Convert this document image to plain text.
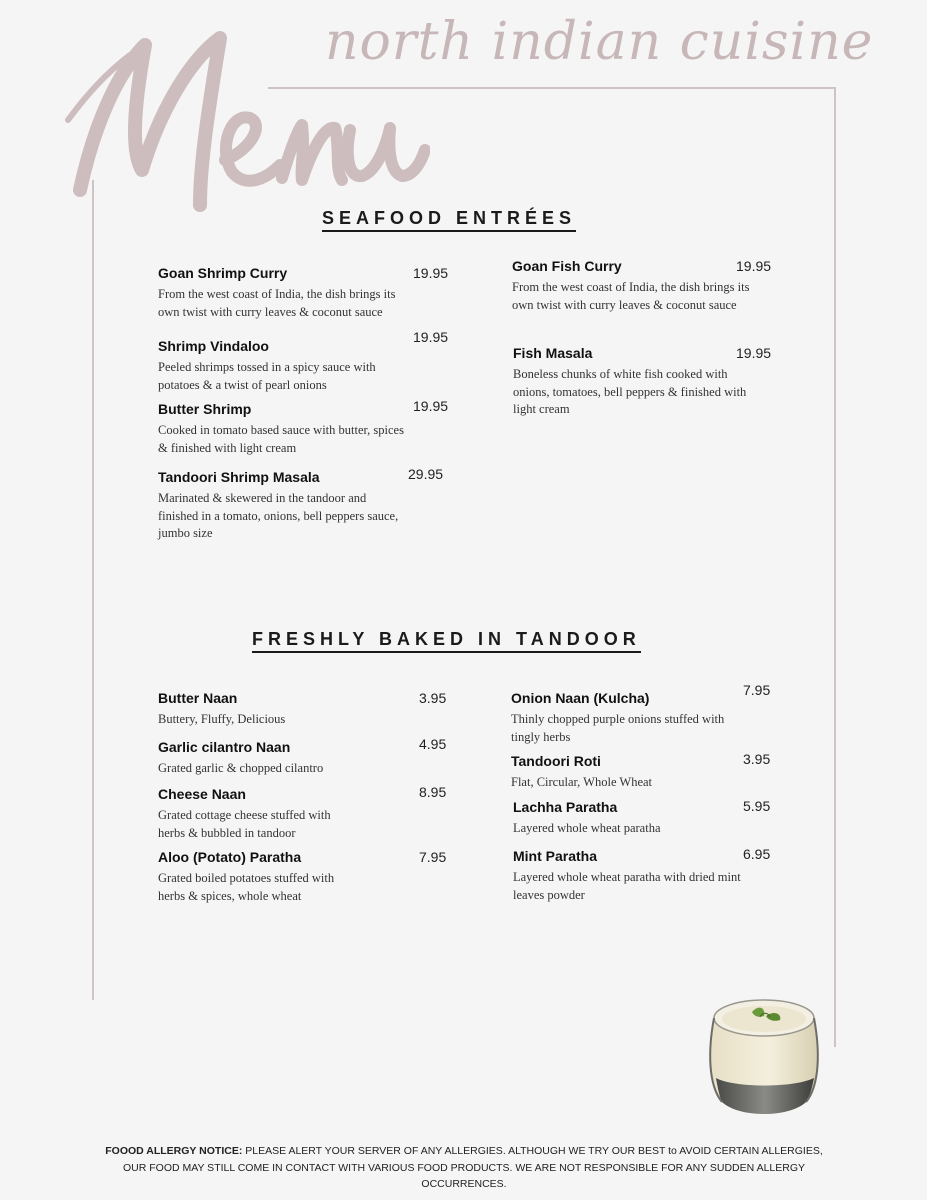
north indian cuisine
SEAFOOD ENTRÉES
Goan Shrimp Curry
From the west coast of India, the dish brings its own twist with curry leaves & coconut sauce
19.95
Shrimp Vindaloo
Peeled shrimps tossed in a spicy sauce with potatoes & a twist of pearl onions
19.95
Butter Shrimp
Cooked in tomato based sauce with butter, spices & finished with light cream
19.95
Tandoori Shrimp Masala
Marinated & skewered in the tandoor and finished in a tomato, onions, bell peppers sauce, jumbo size
29.95
Goan Fish Curry
From the west coast of India, the dish brings its own twist with curry leaves & coconut sauce
19.95
Fish Masala
Boneless chunks of white fish cooked with onions, tomatoes, bell peppers & finished with light cream
19.95
FRESHLY BAKED IN TANDOOR
Butter Naan
Buttery, Fluffy, Delicious
3.95
Garlic cilantro Naan
Grated garlic & chopped cilantro
4.95
Cheese Naan
Grated cottage cheese stuffed with herbs & bubbled in tandoor
8.95
Aloo (Potato) Paratha
Grated boiled potatoes stuffed with herbs & spices, whole wheat
7.95
Onion Naan (Kulcha)
Thinly chopped purple onions stuffed with tingly herbs
7.95
Tandoori Roti
Flat, Circular, Whole Wheat
3.95
Lachha Paratha
Layered whole wheat paratha
5.95
Mint Paratha
Layered whole wheat paratha with dried mint leaves powder
6.95
FOOOD ALLERGY NOTICE: PLEASE ALERT YOUR SERVER OF ANY ALLERGIES. ALTHOUGH WE TRY OUR BEST to AVOID CERTAIN ALLERGIES, OUR FOOD MAY STILL COME IN CONTACT WITH VARIOUS FOOD PRODUCTS. WE ARE NOT RESPONSIBLE FOR ANY SUDDEN ALLERGY OCCURRENCES.
